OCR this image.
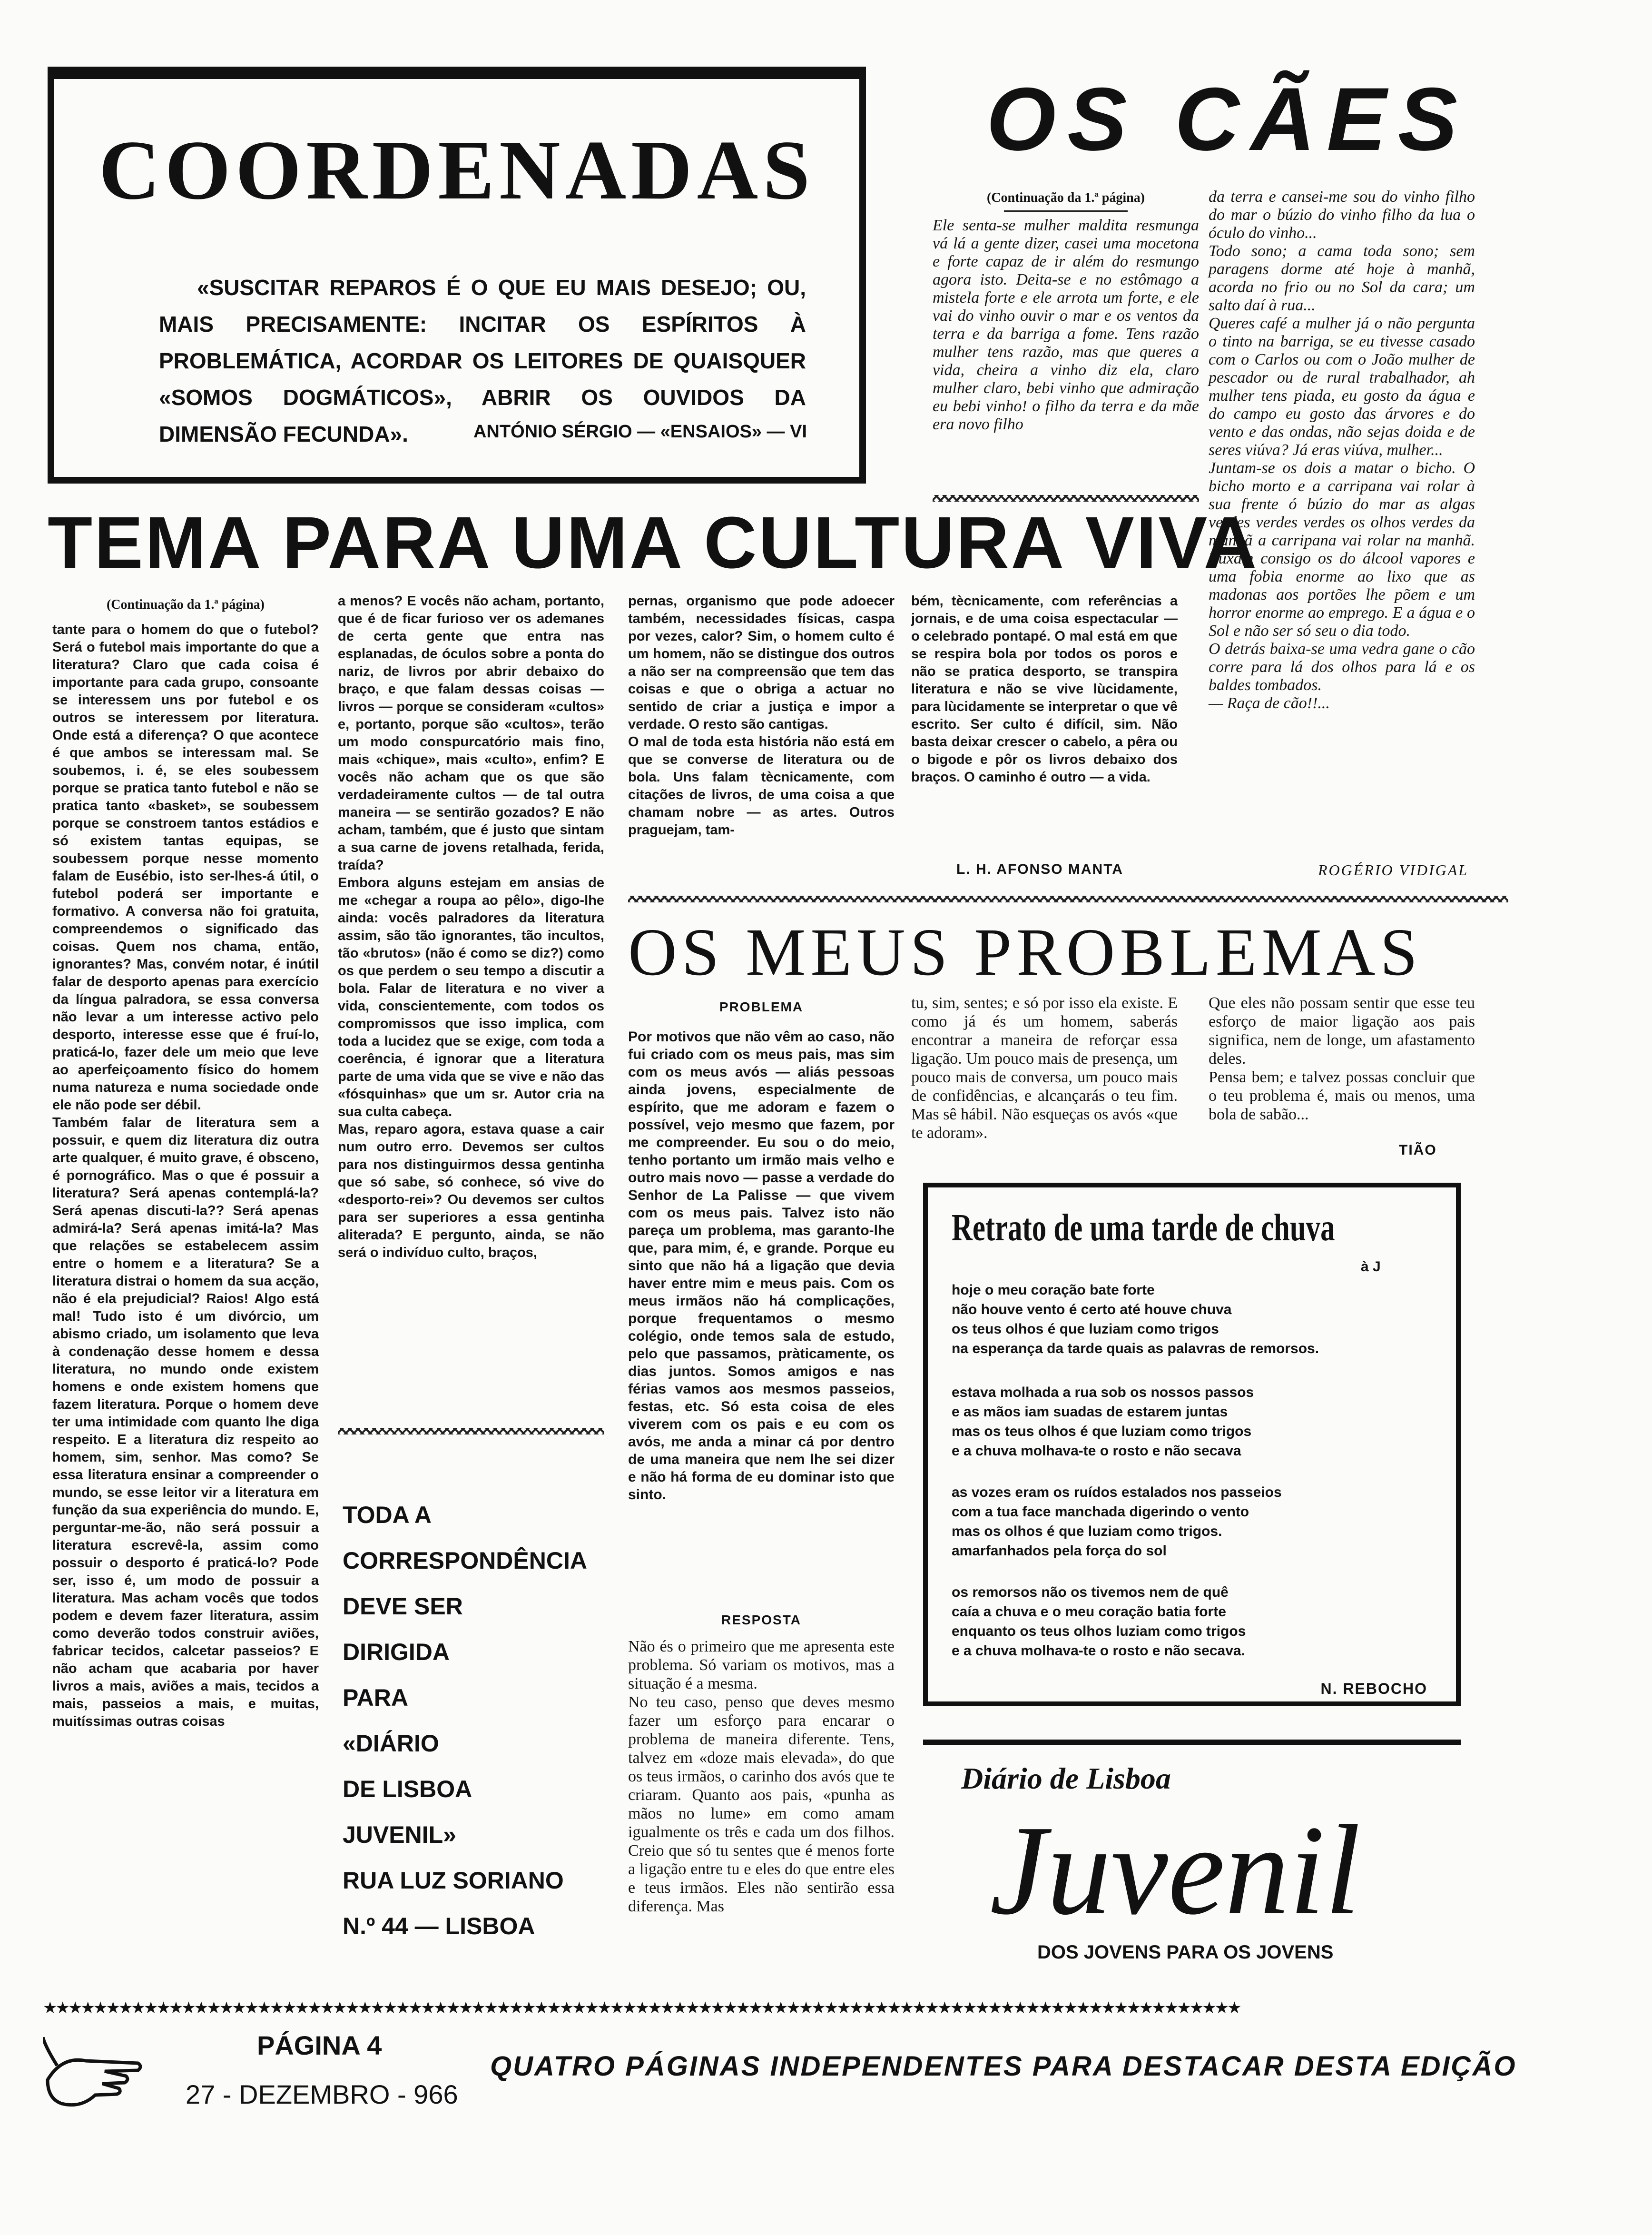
COORDENADAS
«SUSCITAR REPAROS É O QUE EU MAIS DESEJO; OU, MAIS PRECISAMENTE: INCITAR OS ESPÍRITOS À PROBLEMÁTICA, ACORDAR OS LEITORES DE QUAISQUER «SOMOS DOGMÁTICOS», ABRIR OS OUVIDOS DA DIMENSÃO FECUNDA».	ANTÓNIO SÉRGIO — «ENSAIOS» — VI
OS CÃES
(Continuação da 1.ª página)
Ele senta-se mulher maldita resmunga vá lá a gente dizer, casei uma mocetona e forte capaz de ir além do resmungo agora isto. Deita-se e no estômago a mistela forte e ele arrota um forte, e ele vai do vinho ouvir o mar e os ventos da terra e da barriga a fome. Tens razão mulher tens razão, mas que queres a vida, cheira a vinho diz ela, claro mulher claro, bebi vinho que admiração eu bebi vinho! o filho da terra e da mãe era novo filho
da terra e cansei-me sou do vinho filho do mar o búzio do vinho filho da lua o óculo do vinho...
Todo sono; a cama toda sono; sem paragens dorme até hoje à manhã, acorda no frio ou no Sol da cara; um salto daí à rua...
Queres café a mulher já o não pergunta o tinto na barriga, se eu tivesse casado com o Carlos ou com o João mulher de pescador ou de rural trabalhador, ah mulher tens piada, eu gosto da água e do campo eu gosto das árvores e do vento e das ondas, não sejas doida e de seres viúva? Já eras viúva, mulher...
Juntam-se os dois a matar o bicho. O bicho morto e a carripana vai rolar à sua frente ó búzio do mar as algas verdes verdes verdes os olhos verdes da manhã a carripana vai rolar na manhã. Puxam consigo os do álcool vapores e uma fobia enorme ao lixo que as madonas aos portões lhe põem e um horror enorme ao emprego. E a água e o Sol e não ser só seu o dia todo.
O detrás baixa-se uma vedra gane o cão corre para lá dos olhos para lá e os baldes tombados.
— Raça de cão!!...
ROGÉRIO VIDIGAL
TEMA PARA UMA CULTURA VIVA
(Continuação da 1.ª página)
tante para o homem do que o futebol? Será o futebol mais importante do que a literatura? Claro que cada coisa é importante para cada grupo, consoante se interessem uns por futebol e os outros se interessem por literatura. Onde está a diferença? O que acontece é que ambos se interessam mal. Se soubemos, i. é, se eles soubessem porque se pratica tanto futebol e não se pratica tanto «basket», se soubessem porque se constroem tantos estádios e só existem tantas equipas, se soubessem porque nesse momento falam de Eusébio, isto ser-lhes-á útil, o futebol poderá ser importante e formativo. A conversa não foi gratuita, compreendemos o significado das coisas. Quem nos chama, então, ignorantes? Mas, convém notar, é inútil falar de desporto apenas para exercício da língua palradora, se essa conversa não levar a um interesse activo pelo desporto, interesse esse que é fruí-lo, praticá-lo, fazer dele um meio que leve ao aperfeiçoamento físico do homem numa natureza e numa sociedade onde ele não pode ser débil.
Também falar de literatura sem a possuir, e quem diz literatura diz outra arte qualquer, é muito grave, é obsceno, é pornográfico. Mas o que é possuir a literatura? Será apenas contemplá-la? Será apenas discuti-la?? Será apenas admirá-la? Será apenas imitá-la? Mas que relações se estabelecem assim entre o homem e a literatura? Se a literatura distrai o homem da sua acção, não é ela prejudicial? Raios! Algo está mal! Tudo isto é um divórcio, um abismo criado, um isolamento que leva à condenação desse homem e dessa literatura, no mundo onde existem homens e onde existem homens que fazem literatura. Porque o homem deve ter uma intimidade com quanto lhe diga respeito. E a literatura diz respeito ao homem, sim, senhor. Mas como? Se essa literatura ensinar a compreender o mundo, se esse leitor vir a literatura em função da sua experiência do mundo. E, perguntar-me-ão, não será possuir a literatura escrevê-la, assim como possuir o desporto é praticá-lo? Pode ser, isso é, um modo de possuir a literatura. Mas acham vocês que todos podem e devem fazer literatura, assim como deverão todos construir aviões, fabricar tecidos, calcetar passeios? E não acham que acabaria por haver livros a mais, aviões a mais, tecidos a mais, passeios a mais, e muitas, muitíssimas outras coisas
a menos? E vocês não acham, portanto, que é de ficar furioso ver os ademanes de certa gente que entra nas esplanadas, de óculos sobre a ponta do nariz, de livros por abrir debaixo do braço, e que falam dessas coisas — livros — porque se consideram «cultos» e, portanto, porque são «cultos», terão um modo conspurcatório mais fino, mais «chique», mais «culto», enfim? E vocês não acham que os que são verdadeiramente cultos — de tal outra maneira — se sentirão gozados? E não acham, também, que é justo que sintam a sua carne de jovens retalhada, ferida, traída?
Embora alguns estejam em ansias de me «chegar a roupa ao pêlo», digo-lhe ainda: vocês palradores da literatura assim, são tão ignorantes, tão incultos, tão «brutos» (não é como se diz?) como os que perdem o seu tempo a discutir a bola. Falar de literatura e no viver a vida, conscientemente, com todos os compromissos que isso implica, com toda a lucidez que se exige, com toda a coerência, é ignorar que a literatura parte de uma vida que se vive e não das «fósquinhas» que um sr. Autor cria na sua culta cabeça.
Mas, reparo agora, estava quase a cair num outro erro. Devemos ser cultos para nos distinguirmos dessa gentinha que só sabe, só conhece, só vive do «desporto-rei»? Ou devemos ser cultos para ser superiores a essa gentinha aliterada? E pergunto, ainda, se não será o indivíduo culto, braços,
pernas, organismo que pode adoecer também, necessidades físicas, caspa por vezes, calor? Sim, o homem culto é um homem, não se distingue dos outros a não ser na compreensão que tem das coisas e que o obriga a actuar no sentido de criar a justiça e impor a verdade. O resto são cantigas.
O mal de toda esta história não está em que se converse de literatura ou de bola. Uns falam tècnicamente, com citações de livros, de uma coisa a que chamam nobre — as artes. Outros praguejam, tam-
bém, tècnicamente, com referências a jornais, e de uma coisa espectacular — o celebrado pontapé. O mal está em que se respira bola por todos os poros e não se pratica desporto, se transpira literatura e não se vive lùcidamente, para lùcidamente se interpretar o que vê escrito. Ser culto é difícil, sim. Não basta deixar crescer o cabelo, a pêra ou o bigode e pôr os livros debaixo dos braços. O caminho é outro — a vida.
L. H. AFONSO MANTA
TODA A
CORRESPONDÊNCIA
DEVE SER
DIRIGIDA
PARA
«DIÁRIO
DE LISBOA
JUVENIL»
RUA LUZ SORIANO
N.º 44 — LISBOA
OS MEUS PROBLEMAS
PROBLEMA
Por motivos que não vêm ao caso, não fui criado com os meus pais, mas sim com os meus avós — aliás pessoas ainda jovens, especialmente de espírito, que me adoram e fazem o possível, vejo mesmo que fazem, por me compreender. Eu sou o do meio, tenho portanto um irmão mais velho e outro mais novo — passe a verdade do Senhor de La Palisse — que vivem com os meus pais. Talvez isto não pareça um problema, mas garanto-lhe que, para mim, é, e grande. Porque eu sinto que não há a ligação que devia haver entre mim e meus pais. Com os meus irmãos não há complicações, porque frequentamos o mesmo colégio, onde temos sala de estudo, pelo que passamos, pràticamente, os dias juntos. Somos amigos e nas férias vamos aos mesmos passeios, festas, etc. Só esta coisa de eles viverem com os pais e eu com os avós, me anda a minar cá por dentro de uma maneira que nem lhe sei dizer e não há forma de eu dominar isto que sinto.
RESPOSTA
Não és o primeiro que me apresenta este problema. Só variam os motivos, mas a situação é a mesma.
No teu caso, penso que deves mesmo fazer um esforço para encarar o problema de maneira diferente. Tens, talvez em «doze mais elevada», do que os teus irmãos, o carinho dos avós que te criaram. Quanto aos pais, «punha as mãos no lume» em como amam igualmente os três e cada um dos filhos. Creio que só tu sentes que é menos forte a ligação entre tu e eles do que entre eles e teus irmãos. Eles não sentirão essa diferença. Mas
tu, sim, sentes; e só por isso ela existe. E como já és um homem, saberás encontrar a maneira de reforçar essa ligação. Um pouco mais de presença, um pouco mais de conversa, um pouco mais de confidências, e alcançarás o teu fim. Mas sê hábil. Não esqueças os avós «que te adoram».
Que eles não possam sentir que esse teu esforço de maior ligação aos pais significa, nem de longe, um afastamento deles.
Pensa bem; e talvez possas concluir que o teu problema é, mais ou menos, uma bola de sabão...
TIÃO
Retrato de uma tarde de chuva
à J
hoje o meu coração bate forte
não houve vento é certo até houve chuva
os teus olhos é que luziam como trigos
na esperança da tarde quais as palavras de remorsos.
estava molhada a rua sob os nossos passos
e as mãos iam suadas de estarem juntas
mas os teus olhos é que luziam como trigos
e a chuva molhava-te o rosto e não secava
as vozes eram os ruídos estalados nos passeios
com a tua face manchada digerindo o vento
mas os olhos é que luziam como trigos.
amarfanhados pela força do sol
os remorsos não os tivemos nem de quê
caía a chuva e o meu coração batia forte
enquanto os teus olhos luziam como trigos
e a chuva molhava-te o rosto e não secava.
N. REBOCHO
Diário de Lisboa
Juvenil
DOS JOVENS PARA OS JOVENS
★★★★★★★★★★★★★★★★★★★★★★★★★★★★★★★★★★★★★★★★★★★★★★★★★★★★★★★★★★★★★★★★★★★★★★★★★★★★★★★★★★★★★★★★★★★★★★★
PÁGINA 4
27 - DEZEMBRO - 966
QUATRO PÁGINAS INDEPENDENTES PARA DESTACAR DESTA EDIÇÃO
